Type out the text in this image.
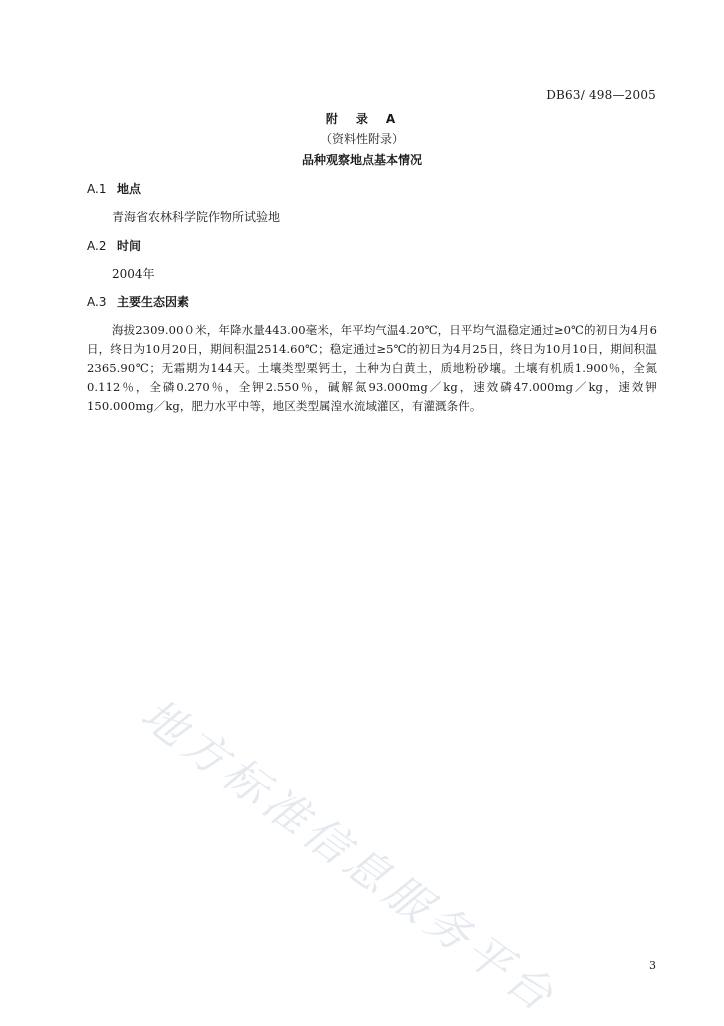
DB63/ 498—2005
附　录　A
（资料性附录）
品种观察地点基本情况
A.1 地点
青海省农林科学院作物所试验地
A.2 时间
2004年
A.3 主要生态因素
海拔2309.00０米，年降水量443.00毫米，年平均气温4.20℃，日平均气温稳定通过≥0℃的初日为4月6日，终日为10月20日，期间积温2514.60℃；稳定通过≥5℃的初日为4月25日，终日为10月10日，期间积温2365.90℃；无霜期为144天。土壤类型栗钙土，土种为白黄土，质地粉砂壤。土壤有机质1.900％，全氮0.112％，全磷0.270％，全钾2.550％，碱解氮93.000mg／kg，速效磷47.000mg／kg，速效钾150.000mg／kg，肥力水平中等，地区类型属湟水流域灌区，有灌溉条件。
地方标准信息服务平台	3
